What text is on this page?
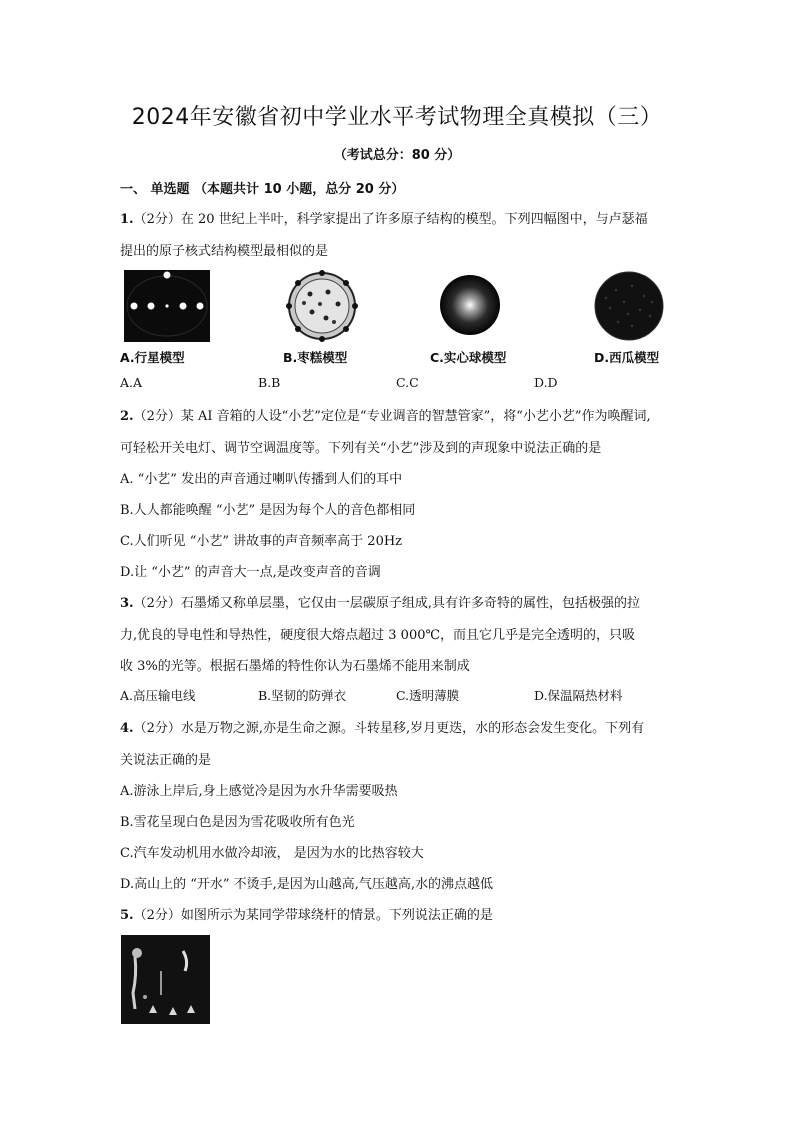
2024年安徽省初中学业水平考试物理全真模拟（三）
（考试总分：80 分）
一、 单选题 （本题共计 10 小题，总分 20 分）
1.（2分）在 20 世纪上半叶，科学家提出了许多原子结构的模型。下列四幅图中，与卢瑟福
提出的原子核式结构模型最相似的是
A.行星模型	B.枣糕模型	C.实心球模型	D.西瓜模型
A.A	B.B	C.C	D.D
2.（2分）某 AI 音箱的人设“小艺”定位是“专业调音的智慧管家”，将“小艺小艺”作为唤醒词,
可轻松开关电灯、调节空调温度等。下列有关“小艺”涉及到的声现象中说法正确的是
A. “小艺” 发出的声音通过喇叭传播到人们的耳中
B.人人都能唤醒 “小艺” 是因为每个人的音色都相同
C.人们听见 “小艺” 讲故事的声音频率高于 20Hz
D.让 “小艺” 的声音大一点,是改变声音的音调
3.（2分）石墨烯又称单层墨，它仅由一层碳原子组成,具有许多奇特的属性，包括极强的拉
力,优良的导电性和导热性，硬度很大熔点超过 3 000℃，而且它几乎是完全透明的，只吸
收 3%的光等。根据石墨烯的特性你认为石墨烯不能用来制成
A.高压输电线	B.坚韧的防弹衣	C.透明薄膜	D.保温隔热材料
4.（2分）水是万物之源,亦是生命之源。斗转星移,岁月更迭，水的形态会发生变化。下列有
关说法正确的是
A.游泳上岸后,身上感觉冷是因为水升华需要吸热
B.雪花呈现白色是因为雪花吸收所有色光
C.汽车发动机用水做冷却液， 是因为水的比热容较大
D.高山上的 “开水” 不烫手,是因为山越高,气压越高,水的沸点越低
5.（2分）如图所示为某同学带球绕杆的情景。下列说法正确的是
